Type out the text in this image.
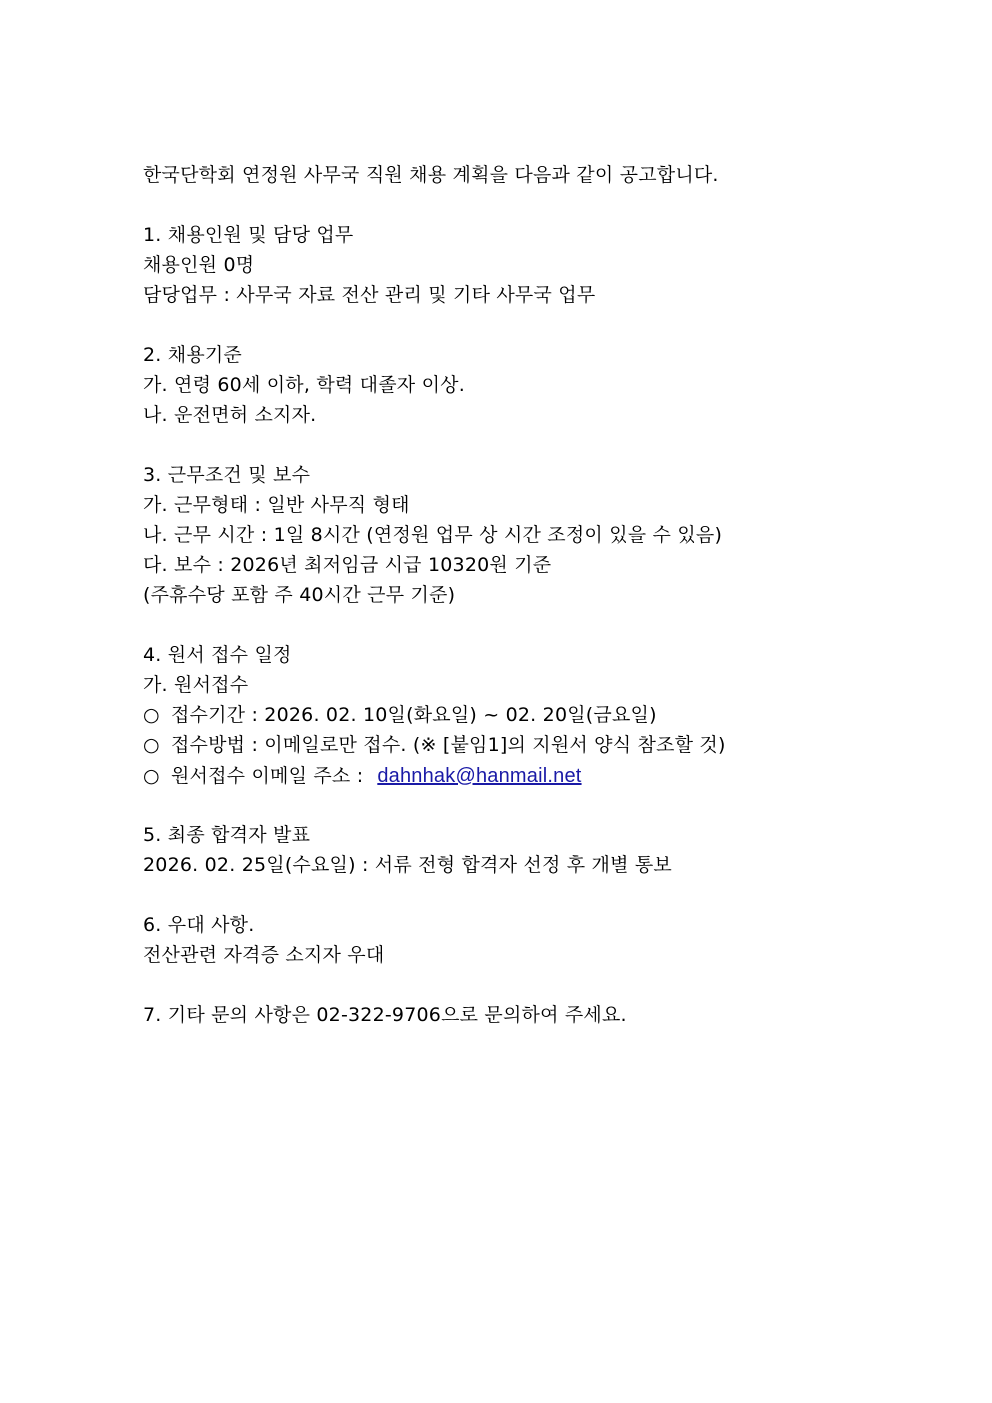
한국단학회 연정원 사무국 직원 채용 계획을 다음과 같이 공고합니다.
1. 채용인원 및 담당 업무
채용인원 0명
담당업무 : 사무국 자료 전산 관리 및 기타 사무국 업무
2. 채용기준
가. 연령 60세 이하, 학력 대졸자 이상.
나. 운전면허 소지자.
3. 근무조건 및 보수
가. 근무형태 : 일반 사무직 형태
나. 근무 시간 : 1일 8시간 (연정원 업무 상 시간 조정이 있을 수 있음)
다. 보수 : 2026년 최저임금 시급 10320원 기준
(주휴수당 포함 주 40시간 근무 기준)
4. 원서 접수 일정
가. 원서접수
○ 접수기간 : 2026. 02. 10일(화요일) ~ 02. 20일(금요일)
○ 접수방법 : 이메일로만 접수. (※ [붙임1]의 지원서 양식 참조할 것)
○ 원서접수 이메일 주소 : dahnhak@hanmail.net
5. 최종 합격자 발표
2026. 02. 25일(수요일) : 서류 전형 합격자 선정 후 개별 통보
6. 우대 사항.
전산관련 자격증 소지자 우대
7. 기타 문의 사항은 02-322-9706으로 문의하여 주세요.
